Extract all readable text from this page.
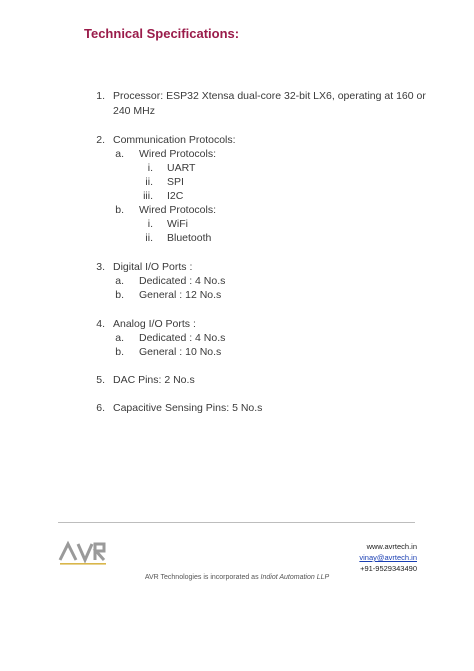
Technical Specifications:
1. Processor: ESP32 Xtensa dual-core 32-bit LX6, operating at 160 or
240 MHz
2. Communication Protocols:
a. Wired Protocols:
i. UART
ii. SPI
iii. I2C
b. Wired Protocols:
i. WiFi
ii. Bluetooth
3. Digital I/O Ports :
a. Dedicated : 4 No.s
b. General : 12 No.s
4. Analog I/O Ports :
a. Dedicated : 4 No.s
b. General : 10 No.s
5. DAC Pins: 2 No.s
6. Capacitive Sensing Pins: 5 No.s
www.avrtech.in
vinay@avrtech.in
+91-9529343490
AVR Technologies is incorporated as Indiot Automation LLP
